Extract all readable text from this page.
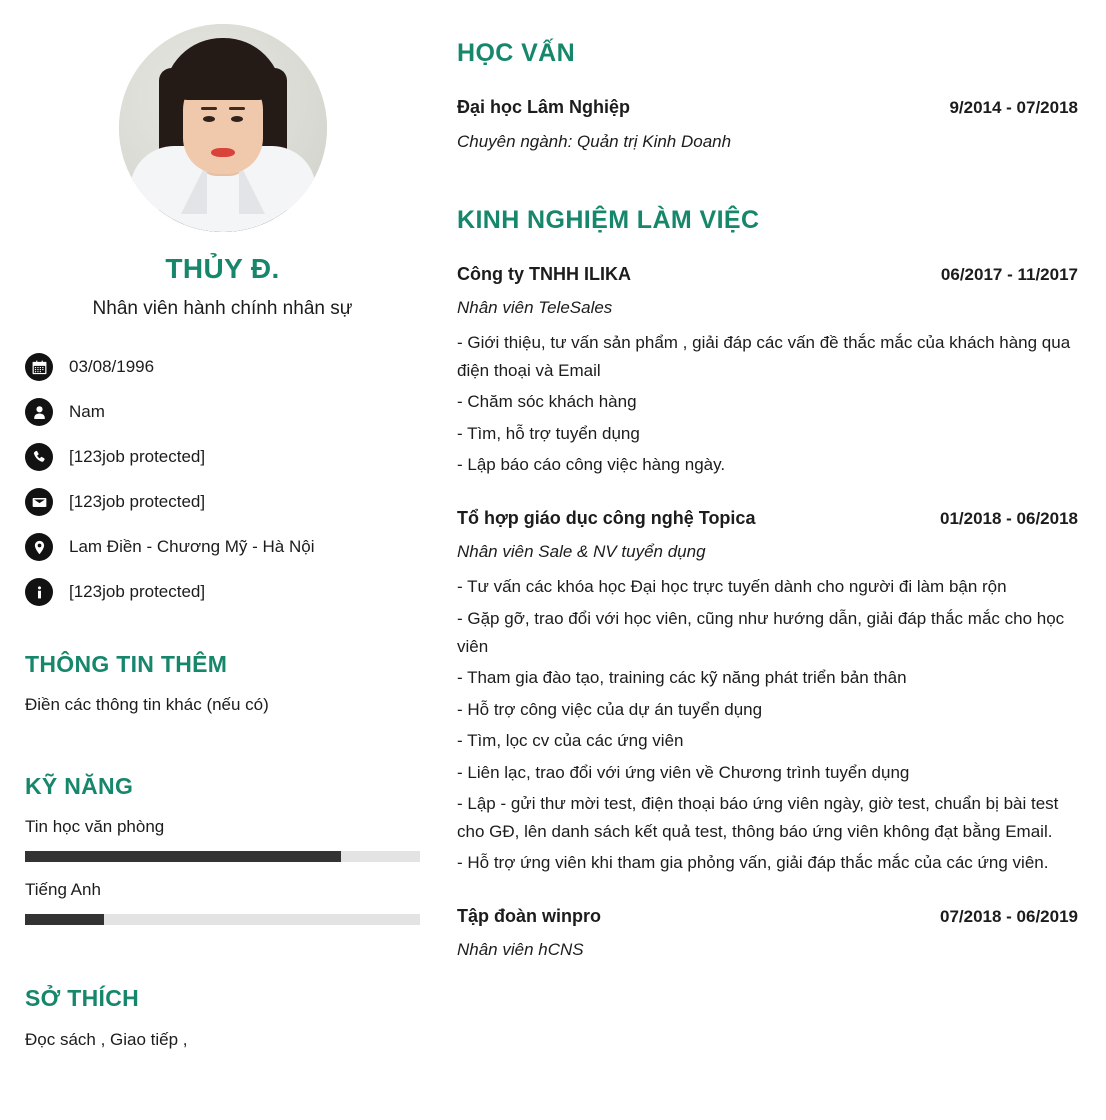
THỦY Đ.

Nhân viên hành chính nhân sự

03/08/1996
Nam
[123job protected]
[123job protected]
Lam Điền - Chương Mỹ - Hà Nội
[123job protected]
THÔNG TIN THÊM

Điền các thông tin khác (nếu có)

KỸ NĂNG
Tin học văn phòng
Tiếng Anh
SỞ THÍCH

Đọc sách , Giao tiếp ,

HỌC VẤN
Đại học Lâm Nghiệp	9/2014 - 07/2018
Chuyên ngành: Quản trị Kinh Doanh
KINH NGHIỆM LÀM VIỆC
Công ty TNHH ILIKA	06/2017 - 11/2017
Nhân viên TeleSales
- Giới thiệu, tư vấn sản phẩm , giải đáp các vấn đề thắc mắc của khách hàng qua điện thoại và Email
- Chăm sóc khách hàng
- Tìm, hỗ trợ tuyển dụng
- Lập báo cáo công việc hàng ngày.
Tổ hợp giáo dục công nghệ Topica	01/2018 - 06/2018
Nhân viên Sale & NV tuyển dụng
- Tư vấn các khóa học Đại học trực tuyến dành cho người đi làm bận rộn
- Gặp gỡ, trao đổi với học viên, cũng như hướng dẫn, giải đáp thắc mắc cho học viên
- Tham gia đào tạo, training các kỹ năng phát triển bản thân
- Hỗ trợ công việc của dự án tuyển dụng
- Tìm, lọc cv của các ứng viên
- Liên lạc, trao đổi với ứng viên về Chương trình tuyển dụng
- Lập - gửi thư mời test, điện thoại báo ứng viên ngày, giờ test, chuẩn bị bài test cho GĐ, lên danh sách kết quả test, thông báo ứng viên không đạt bằng Email.
- Hỗ trợ ứng viên khi tham gia phỏng vấn, giải đáp thắc mắc của các ứng viên.
Tập đoàn winpro	07/2018 - 06/2019
Nhân viên hCNS
